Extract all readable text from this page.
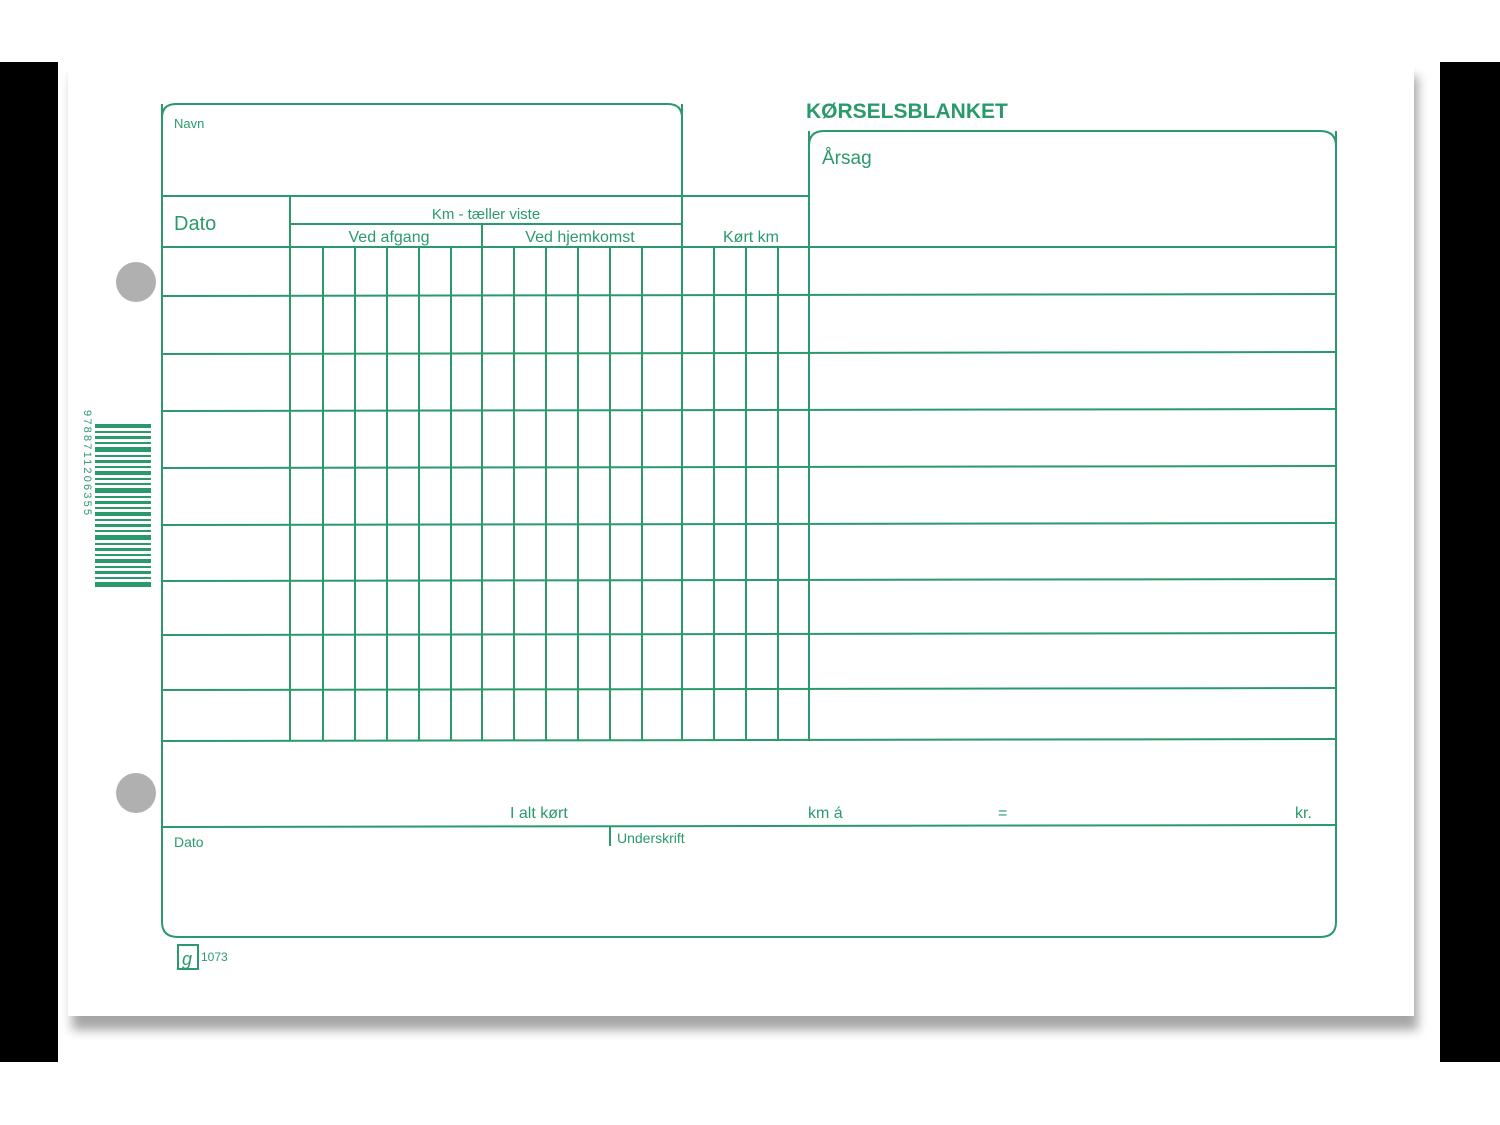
Navn
KØRSELSBLANKET
Årsag
Dato	Km - tæller viste
Ved afgang	Ved hjemkomst	Kørt km
I alt kørt	km á	=	kr.
Dato	Underskrift
g 1073
9788711206355
